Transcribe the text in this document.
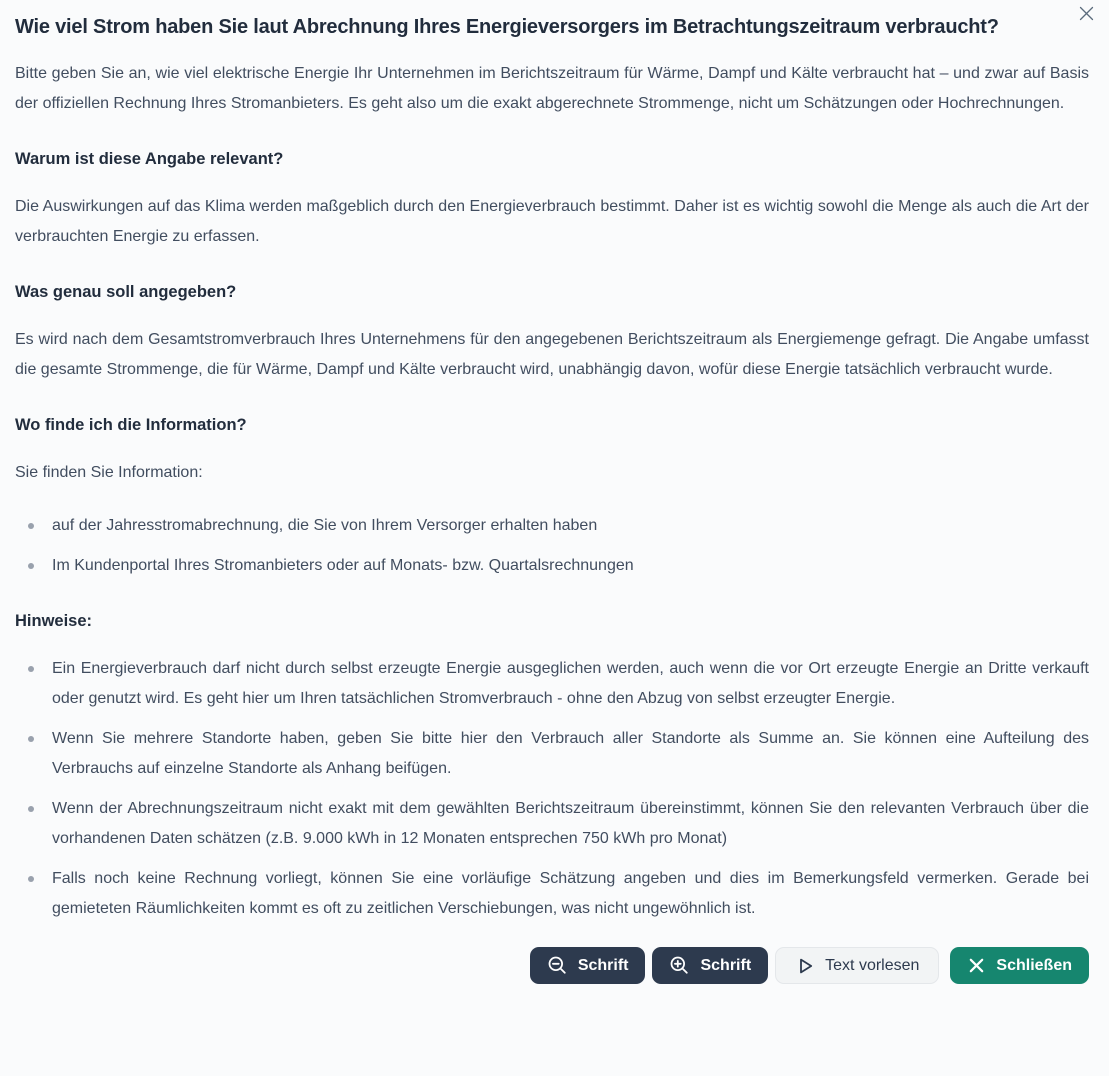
Wie viel Strom haben Sie laut Abrechnung Ihres Energieversorgers im Betrachtungszeitraum verbraucht?

Bitte geben Sie an, wie viel elektrische Energie Ihr Unternehmen im Berichtszeitraum für Wärme, Dampf und Kälte verbraucht hat – und zwar auf Basis der offiziellen Rechnung Ihres Stromanbieters. Es geht also um die exakt abgerechnete Strommenge, nicht um Schätzungen oder Hochrechnungen.

Warum ist diese Angabe relevant?

Die Auswirkungen auf das Klima werden maßgeblich durch den Energieverbrauch bestimmt. Daher ist es wichtig sowohl die Menge als auch die Art der verbrauchten Energie zu erfassen.

Was genau soll angegeben?

Es wird nach dem Gesamtstromverbrauch Ihres Unternehmens für den angegebenen Berichtszeitraum als Energiemenge gefragt. Die Angabe umfasst die gesamte Strommenge, die für Wärme, Dampf und Kälte verbraucht wird, unabhängig davon, wofür diese Energie tatsächlich verbraucht wurde.

Wo finde ich die Information?

Sie finden Sie Information:

auf der Jahresstromabrechnung, die Sie von Ihrem Versorger erhalten haben
Im Kundenportal Ihres Stromanbieters oder auf Monats- bzw. Quartalsrechnungen
Hinweise:
Ein Energieverbrauch darf nicht durch selbst erzeugte Energie ausgeglichen werden, auch wenn die vor Ort erzeugte Energie an Dritte verkauft oder genutzt wird. Es geht hier um Ihren tatsächlichen Stromverbrauch - ohne den Abzug von selbst erzeugter Energie.
Wenn Sie mehrere Standorte haben, geben Sie bitte hier den Verbrauch aller Standorte als Summe an. Sie können eine Aufteilung des Verbrauchs auf einzelne Standorte als Anhang beifügen.
Wenn der Abrechnungszeitraum nicht exakt mit dem gewählten Berichtszeitraum übereinstimmt, können Sie den relevanten Verbrauch über die vorhandenen Daten schätzen (z.B. 9.000 kWh in 12 Monaten entsprechen 750 kWh pro Monat)
Falls noch keine Rechnung vorliegt, können Sie eine vorläufige Schätzung angeben und dies im Bemerkungsfeld vermerken. Gerade bei gemieteten Räumlichkeiten kommt es oft zu zeitlichen Verschiebungen, was nicht ungewöhnlich ist.
Schrift	Schrift	Text vorlesen	Schließen
